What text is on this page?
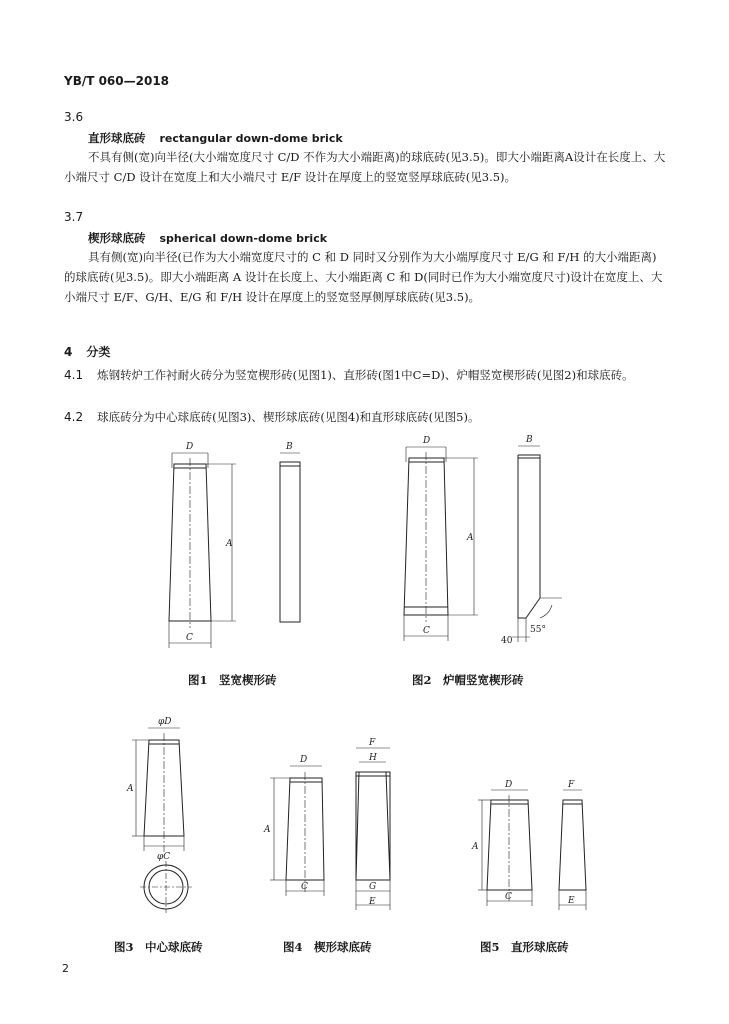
YB/T 060—2018
3.6
直形球底砖 rectangular down-dome brick
不具有侧(宽)向半径(大小端宽度尺寸 C/D 不作为大小端距离)的球底砖(见3.5)。即大小端距离A设计在长度上、大小端尺寸 C/D 设计在宽度上和大小端尺寸 E/F 设计在厚度上的竖宽竖厚球底砖(见3.5)。
3.7
楔形球底砖 spherical down-dome brick
具有侧(宽)向半径(已作为大小端宽度尺寸的 C 和 D 同时又分别作为大小端厚度尺寸 E/G 和 F/H 的大小端距离)的球底砖(见3.5)。即大小端距离 A 设计在长度上、大小端距离 C 和 D(同时已作为大小端宽度尺寸)设计在宽度上、大小端尺寸 E/F、G/H、E/G 和 F/H 设计在厚度上的竖宽竖厚侧厚球底砖(见3.5)。
4 分类
4.1 炼钢转炉工作衬耐火砖分为竖宽楔形砖(见图1)、直形砖(图1中C=D)、炉帽竖宽楔形砖(见图2)和球底砖。
4.2 球底砖分为中心球底砖(见图3)、楔形球底砖(见图4)和直形球底砖(见图5)。
D	B
A
C
D	B
A
C
40
55°
φD
A
φC
D
F
H
A
C	G
E
D	F
A
C	E
图1　竖宽楔形砖	图2　炉帽竖宽楔形砖
图3　中心球底砖	图4　楔形球底砖	图5　直形球底砖
2
